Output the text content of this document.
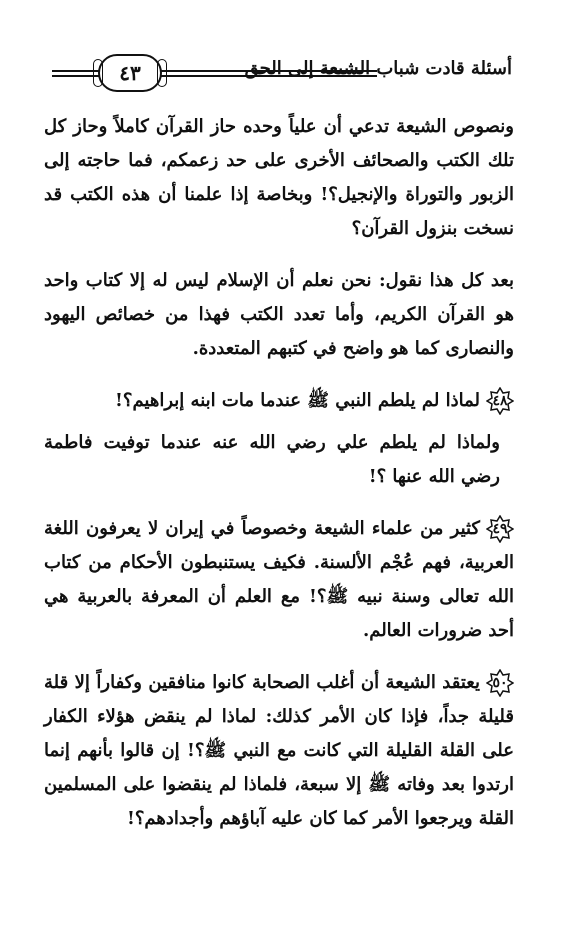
أسئلة قادت شباب الشيعة إلى الحق
٤٣

ونصوص الشيعة تدعي أن علياً وحده حاز القرآن كاملاً وحاز كل تلك الكتب والصحائف الأخرى على حد زعمكم، فما حاجته إلى الزبور والتوراة والإنجيل؟! وبخاصة إذا علمنا أن هذه الكتب قد نسخت بنزول القرآن؟

بعد كل هذا نقول: نحن نعلم أن الإسلام ليس له إلا كتاب واحد هو القرآن الكريم، وأما تعدد الكتب فهذا من خصائص اليهود والنصارى كما هو واضح في كتبهم المتعددة.

٤٨
لماذا لم يلطم النبي ﷺ عندما مات ابنه إبراهيم؟!

ولماذا لم يلطم علي رضي الله عنه عندما توفيت فاطمة رضي الله عنها ؟!

٤٩
كثير من علماء الشيعة وخصوصاً في إيران لا يعرفون اللغة العربية، فهم عُجْم الألسنة. فكيف يستنبطون الأحكام من كتاب الله تعالى وسنة نبيه ﷺ؟! مع العلم أن المعرفة بالعربية هي أحد ضرورات العالم.

٥٠
يعتقد الشيعة أن أغلب الصحابة كانوا منافقين وكفاراً إلا قلة قليلة جداً، فإذا كان الأمر كذلك: لماذا لم ينقض هؤلاء الكفار على القلة القليلة التي كانت مع النبي ﷺ؟! إن قالوا بأنهم إنما ارتدوا بعد وفاته ﷺ إلا سبعة، فلماذا لم ينقضوا على المسلمين القلة ويرجعوا الأمر كما كان عليه آباؤهم وأجدادهم؟!
